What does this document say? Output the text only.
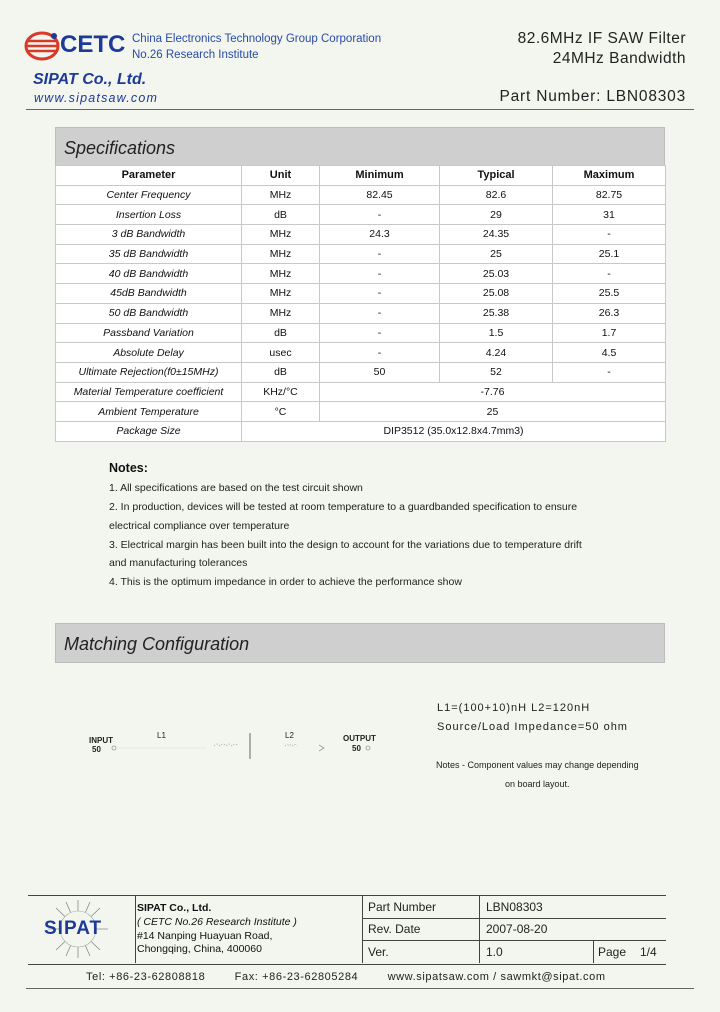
CETC China Electronics Technology Group Corporation
No.26 Research Institute
SIPAT Co., Ltd.
www.sipatsaw.com
82.6MHz IF SAW Filter
24MHz Bandwidth
Part Number: LBN08303
Specifications
Parameter	Unit	Minimum	Typical	Maximum
Center Frequency	MHz	82.45	82.6	82.75
Insertion Loss	dB	-	29	31
3 dB Bandwidth	MHz	24.3	24.35	-
35 dB Bandwidth	MHz	-	25	25.1
40 dB Bandwidth	MHz	-	25.03	-
45dB Bandwidth	MHz	-	25.08	25.5
50 dB Bandwidth	MHz	-	25.38	26.3
Passband Variation	dB	-	1.5	1.7
Absolute Delay	usec	-	4.24	4.5
Ultimate Rejection(f0±15MHz)	dB	50	52	-
Material Temperature coefficient	KHz/°C	-7.76		
Ambient Temperature	°C	25		
Package Size	DIP3512 (35.0x12.8x4.7mm3)			
Notes:
1. All specifications are based on the test circuit shown
2. In production, devices will be tested at room temperature to a guardbanded specification to ensure
electrical compliance over temperature
3. Electrical margin has been built into the design to account for the variations due to temperature drift
and manufacturing tolerances
4. This is the optimum impedance in order to achieve the performance show
Matching Configuration
INPUT
50
L1	L2	OUTPUT
50
L1=(100+10)nH L2=120nH
Source/Load Impedance=50 ohm
Notes - Component values may change depending
on board layout.
SIPAT
SIPAT Co., Ltd.
( CETC No.26 Research Institute )
#14 Nanping Huayuan Road,
Chongqing, China, 400060
Part Number	LBN08303
Rev. Date	2007-08-20
Ver.	1.0	Page 1/4
Tel: +86-23-62808818	Fax: +86-23-62805284	www.sipatsaw.com / sawmkt@sipat.com
